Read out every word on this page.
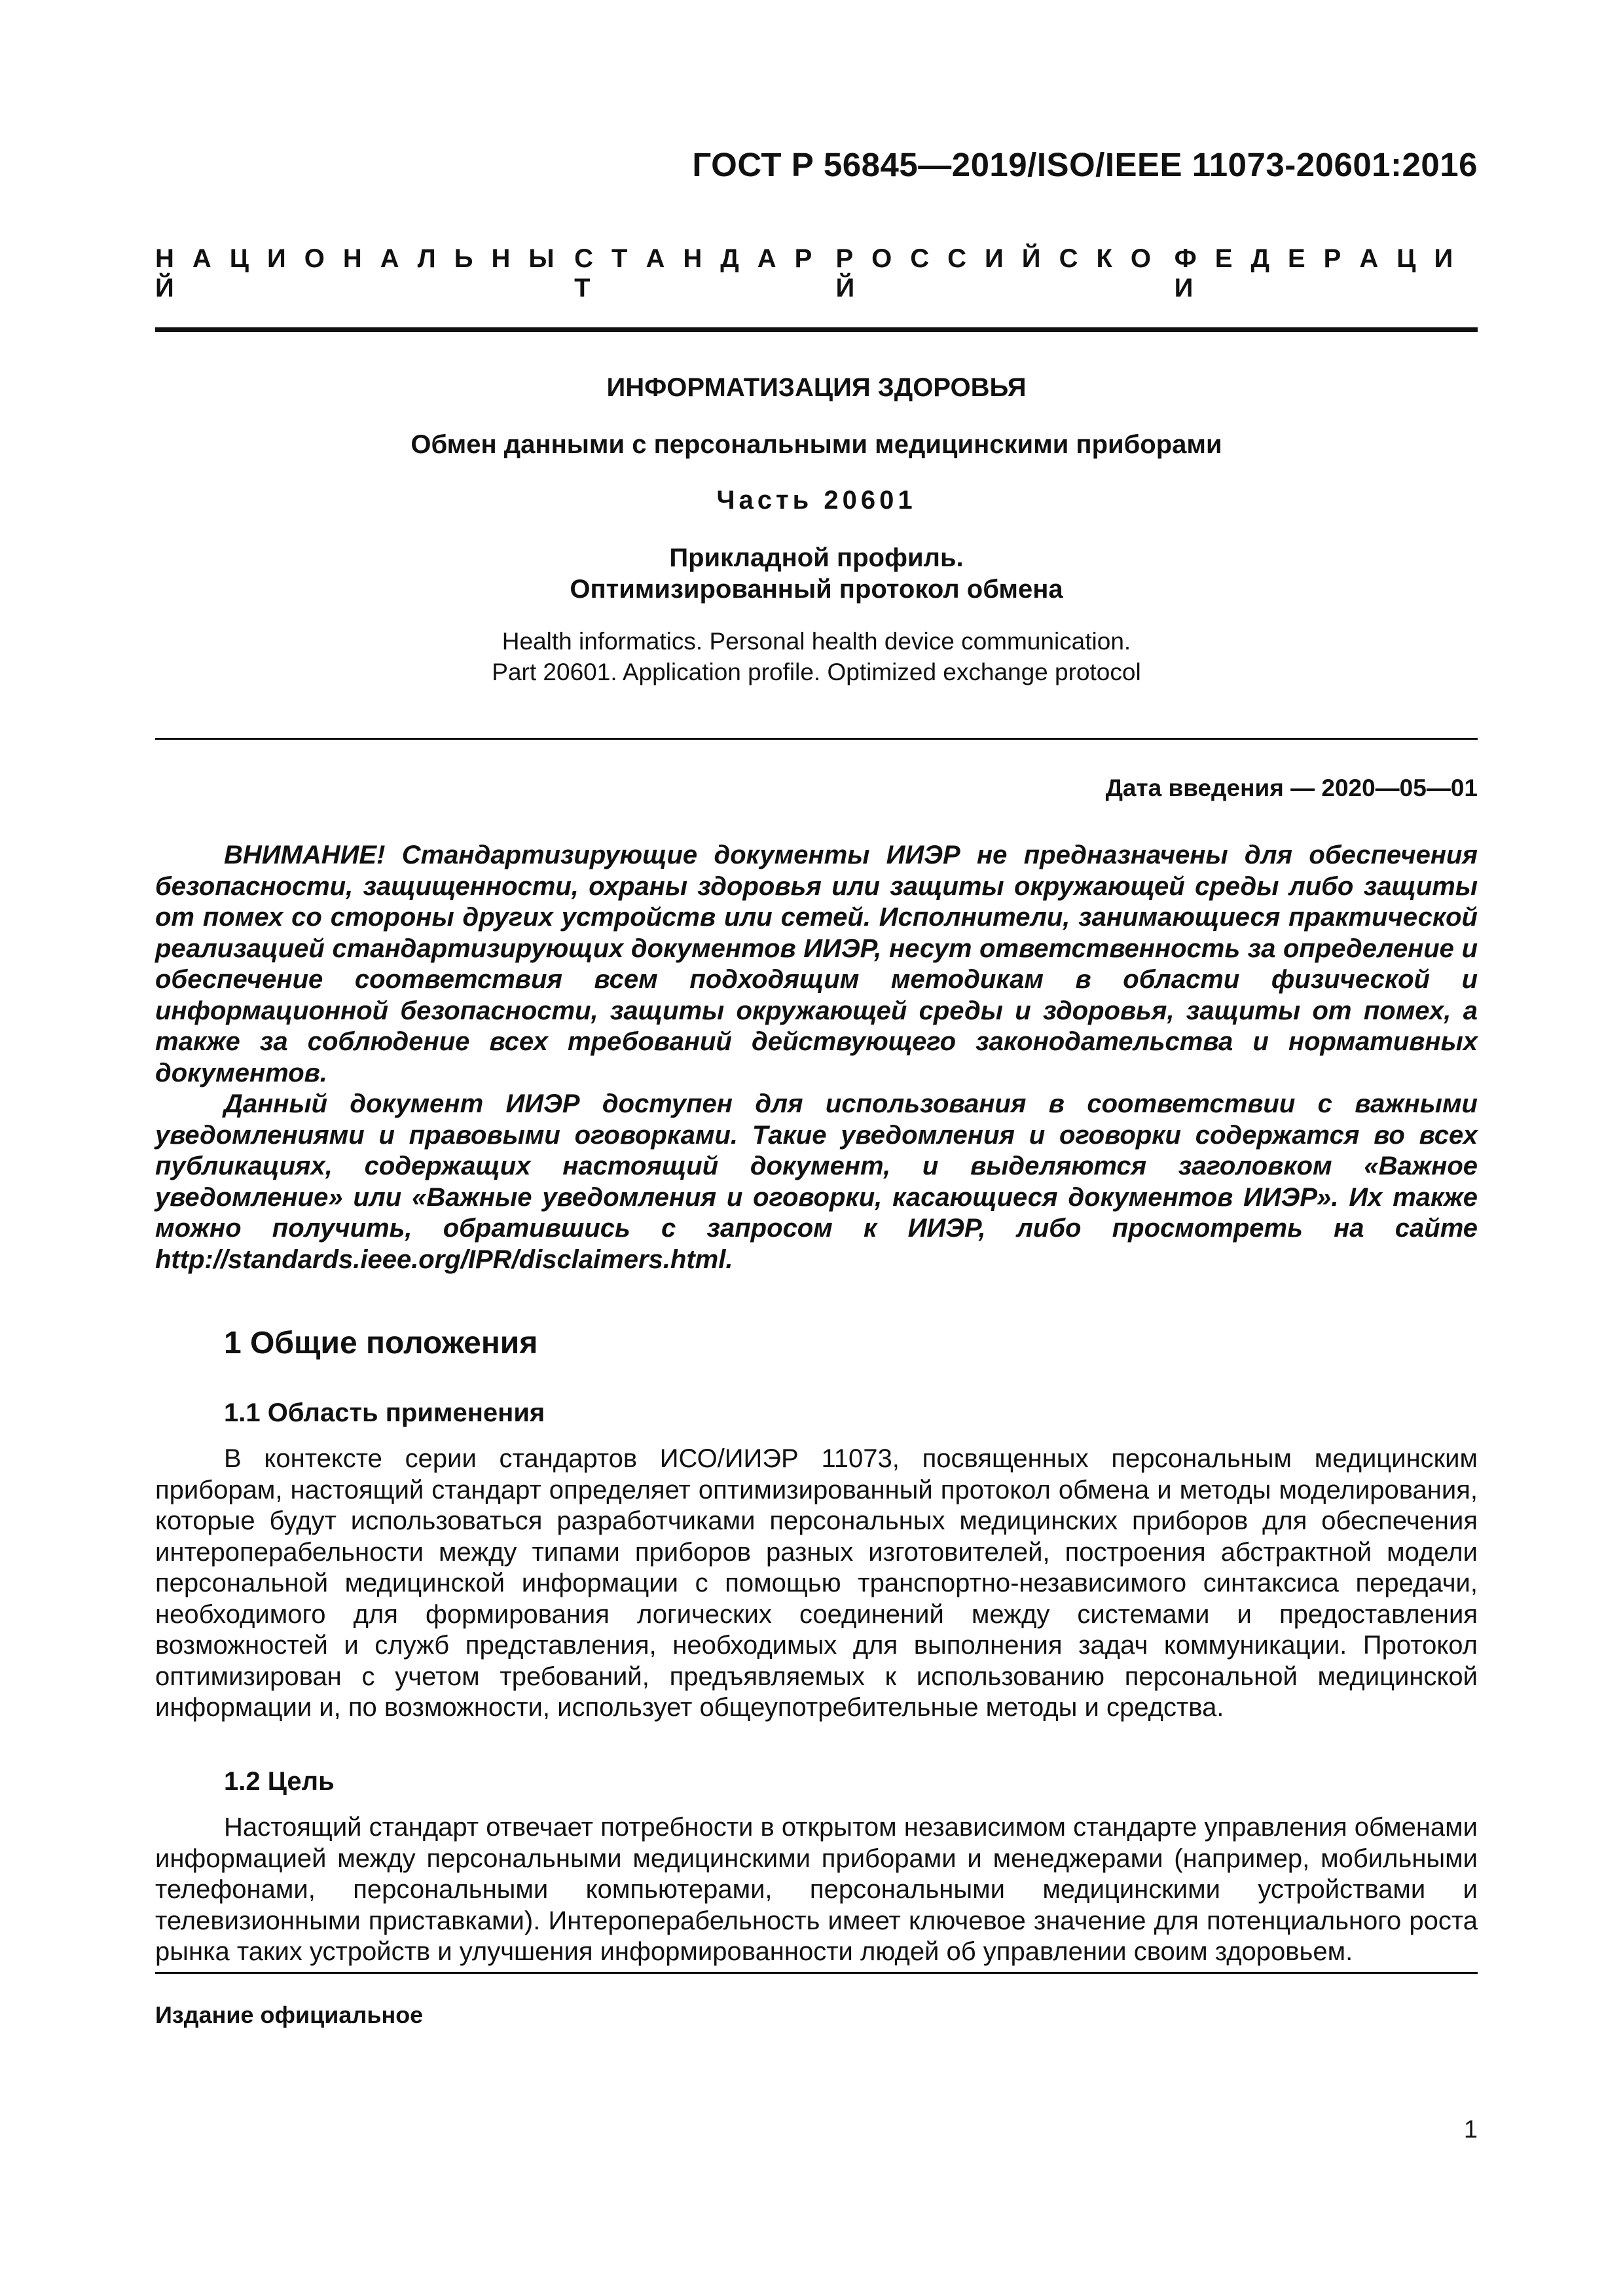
ГОСТ Р 56845—2019/ISO/IEEE 11073-20601:2016
Н  А  Ц  И  О  Н  А  Л  Ь  Н  Ы  Й
С  Т  А  Н  Д  А  Р  Т
Р  О  С  С  И  Й  С  К  О  Й
Ф  Е  Д  Е  Р  А  Ц  И  И
ИНФОРМАТИЗАЦИЯ ЗДОРОВЬЯ
Обмен данными с персональными медицинскими приборами
Часть 20601
Прикладной профиль.
Оптимизированный протокол обмена
Health informatics. Personal health device communication.
Part 20601. Application profile. Optimized exchange protocol
Дата введения — 2020—05—01

ВНИМАНИЕ! Стандартизирующие документы ИИЭР не предназначены для обеспечения безопасности, защищенности, охраны здоровья или защиты окружающей среды либо защиты от помех со стороны других устройств или сетей. Исполнители, занимающиеся практической реализацией стандартизирующих документов ИИЭР, несут ответственность за определение и обеспечение соответствия всем подходящим методикам в области физической и информационной безопасности, защиты окружающей среды и здоровья, защиты от помех, а также за соблюдение всех требований действующего законодательства и нормативных документов.

Данный документ ИИЭР доступен для использования в соответствии с важными уведомлениями и правовыми оговорками. Такие уведомления и оговорки содержатся во всех публикациях, содержащих настоящий документ, и выделяются заголовком «Важное уведомление» или «Важные уведомления и оговорки, касающиеся документов ИИЭР». Их также можно получить, обратившись с запросом к ИИЭР, либо просмотреть на сайте http://standards.ieee.org/IPR/disclaimers.html.

1 Общие положения
1.1 Область применения

В контексте серии стандартов ИСО/ИИЭР 11073, посвященных персональным медицинским приборам, настоящий стандарт определяет оптимизированный протокол обмена и методы моделирования, которые будут использоваться разработчиками персональных медицинских приборов для обеспечения интероперабельности между типами приборов разных изготовителей, построения абстрактной модели персональной медицинской информации с помощью транспортно-независимого синтаксиса передачи, необходимого для формирования логических соединений между системами и предоставления возможностей и служб представления, необходимых для выполнения задач коммуникации. Протокол оптимизирован с учетом требований, предъявляемых к использованию персональной медицинской информации и, по возможности, использует общеупотребительные методы и средства.

1.2 Цель

Настоящий стандарт отвечает потребности в открытом независимом стандарте управления обменами информацией между персональными медицинскими приборами и менеджерами (например, мобильными телефонами, персональными компьютерами, персональными медицинскими устройствами и телевизионными приставками). Интероперабельность имеет ключевое значение для потенциального роста рынка таких устройств и улучшения информированности людей об управлении своим здоровьем.

Издание официальное
1
